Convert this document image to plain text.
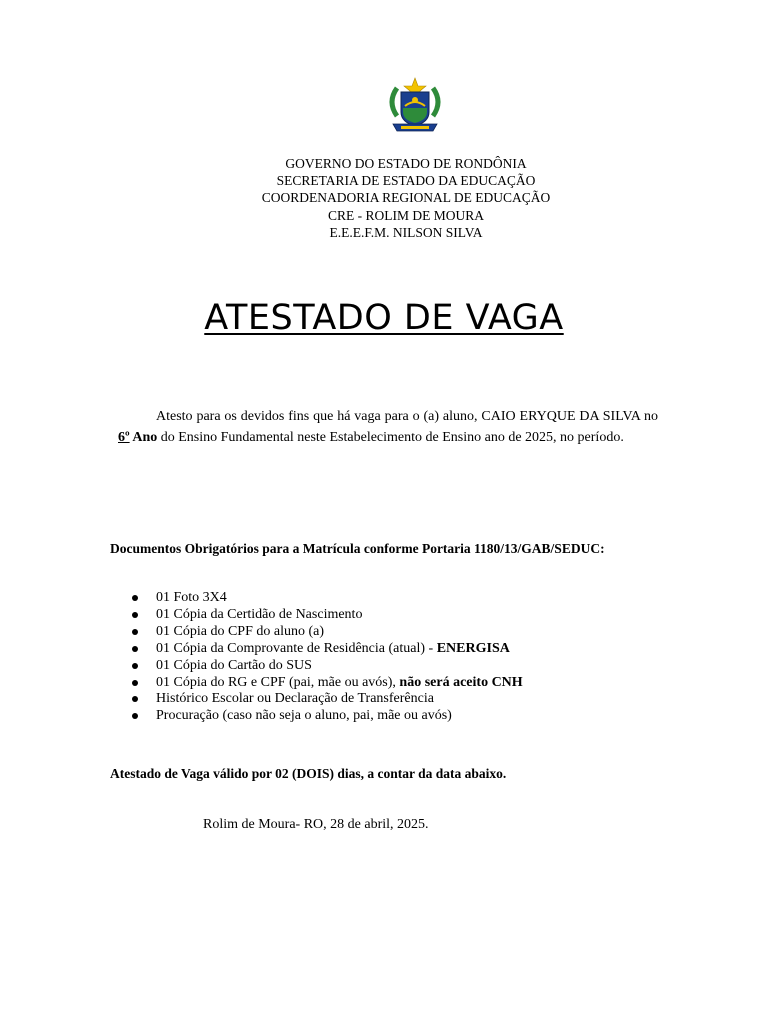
GOVERNO DO ESTADO DE RONDÔNIA
SECRETARIA DE ESTADO DA EDUCAÇÃO
COORDENADORIA REGIONAL DE EDUCAÇÃO
CRE - ROLIM DE MOURA
E.E.E.F.M. NILSON SILVA
ATESTADO DE VAGA
Atesto para os devidos fins que há vaga para o (a) aluno, CAIO ERYQUE DA SILVA no 6º Ano do Ensino Fundamental neste Estabelecimento de Ensino ano de 2025, no período.
Documentos Obrigatórios para a Matrícula conforme Portaria 1180/13/GAB/SEDUC:
01 Foto 3X4
01 Cópia da Certidão de Nascimento
01 Cópia do CPF do aluno (a)
01 Cópia da Comprovante de Residência (atual) - ENERGISA
01 Cópia do Cartão do SUS
01 Cópia do RG e CPF (pai, mãe ou avós), não será aceito CNH
Histórico Escolar ou Declaração de Transferência
Procuração (caso não seja o aluno, pai, mãe ou avós)
Atestado de Vaga válido por 02 (DOIS) dias, a contar da data abaixo.
Rolim de Moura- RO, 28 de abril, 2025.
